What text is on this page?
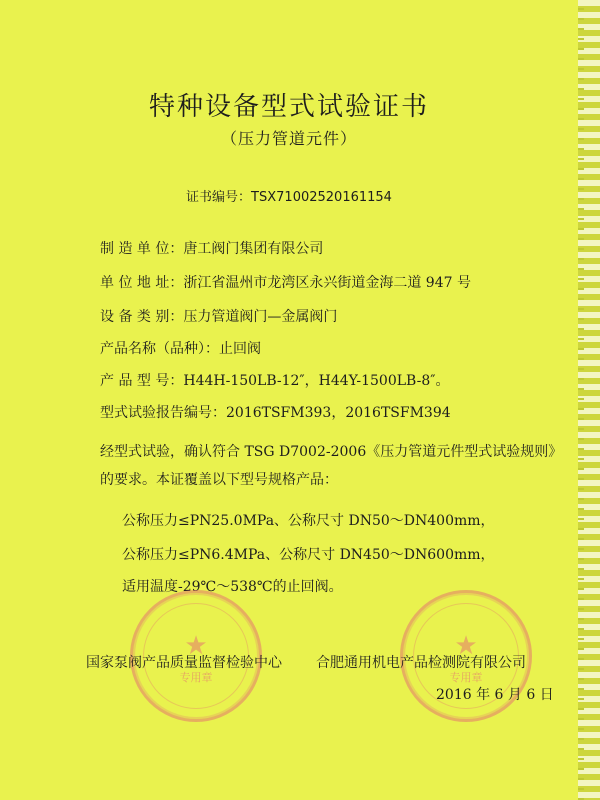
特种设备型式试验证书
（压力管道元件）
证书编号：TSX71002520161154
制 造 单 位：唐工阀门集团有限公司
单 位 地 址：浙江省温州市龙湾区永兴街道金海二道 947 号
设 备 类 别：压力管道阀门—金属阀门
产品名称（品种）：止回阀
产 品 型 号：H44H-150LB-12″，H44Y-1500LB-8″。
型式试验报告编号：2016TSFM393，2016TSFM394
经型式试验，确认符合 TSG D7002-2006《压力管道元件型式试验规则》的要求。本证覆盖以下型号规格产品：
公称压力≤PN25.0MPa、公称尺寸 DN50～DN400mm，
公称压力≤PN6.4MPa、公称尺寸 DN450～DN600mm，
适用温度-29℃～538℃的止回阀。
★
专用章
★
专用章
国家泵阀产品质量监督检验中心 合肥通用机电产品检测院有限公司
2016 年 6 月 6 日
